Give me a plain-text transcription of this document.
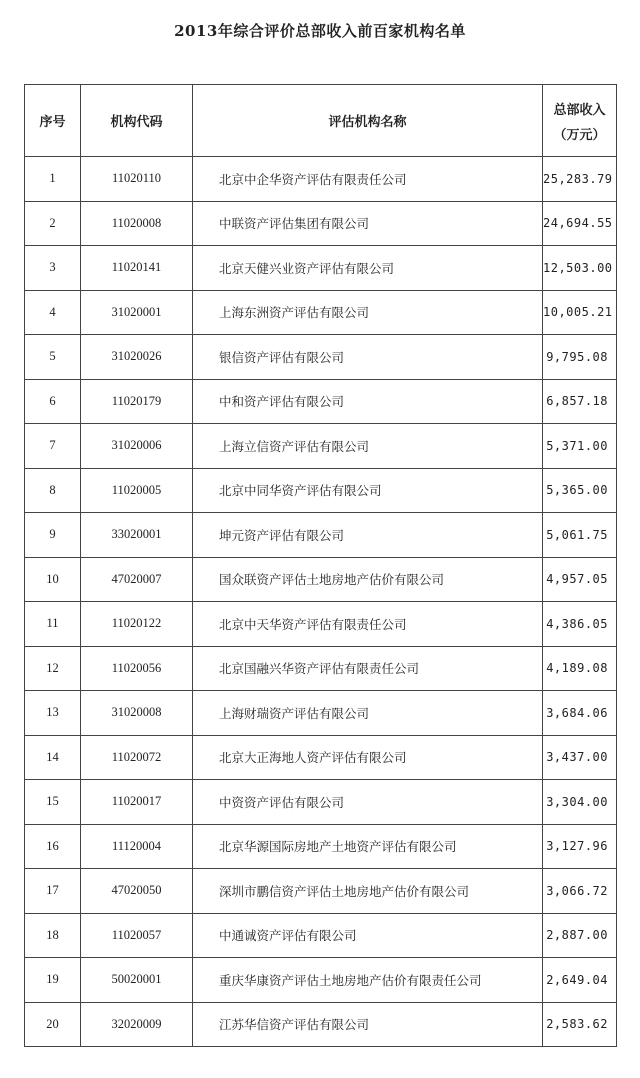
2013年综合评价总部收入前百家机构名单
序号	机构代码	评估机构名称	总部收入
（万元）

1	11020110	北京中企华资产评估有限责任公司	25,283.79
2	11020008	中联资产评估集团有限公司	24,694.55
3	11020141	北京天健兴业资产评估有限公司	12,503.00
4	31020001	上海东洲资产评估有限公司	10,005.21
5	31020026	银信资产评估有限公司	9,795.08
6	11020179	中和资产评估有限公司	6,857.18
7	31020006	上海立信资产评估有限公司	5,371.00
8	11020005	北京中同华资产评估有限公司	5,365.00
9	33020001	坤元资产评估有限公司	5,061.75
10	47020007	国众联资产评估土地房地产估价有限公司	4,957.05
11	11020122	北京中天华资产评估有限责任公司	4,386.05
12	11020056	北京国融兴华资产评估有限责任公司	4,189.08
13	31020008	上海财瑞资产评估有限公司	3,684.06
14	11020072	北京大正海地人资产评估有限公司	3,437.00
15	11020017	中资资产评估有限公司	3,304.00
16	11120004	北京华源国际房地产土地资产评估有限公司	3,127.96
17	47020050	深圳市鹏信资产评估土地房地产估价有限公司	3,066.72
18	11020057	中通诚资产评估有限公司	2,887.00
19	50020001	重庆华康资产评估土地房地产估价有限责任公司	2,649.04
20	32020009	江苏华信资产评估有限公司	2,583.62
